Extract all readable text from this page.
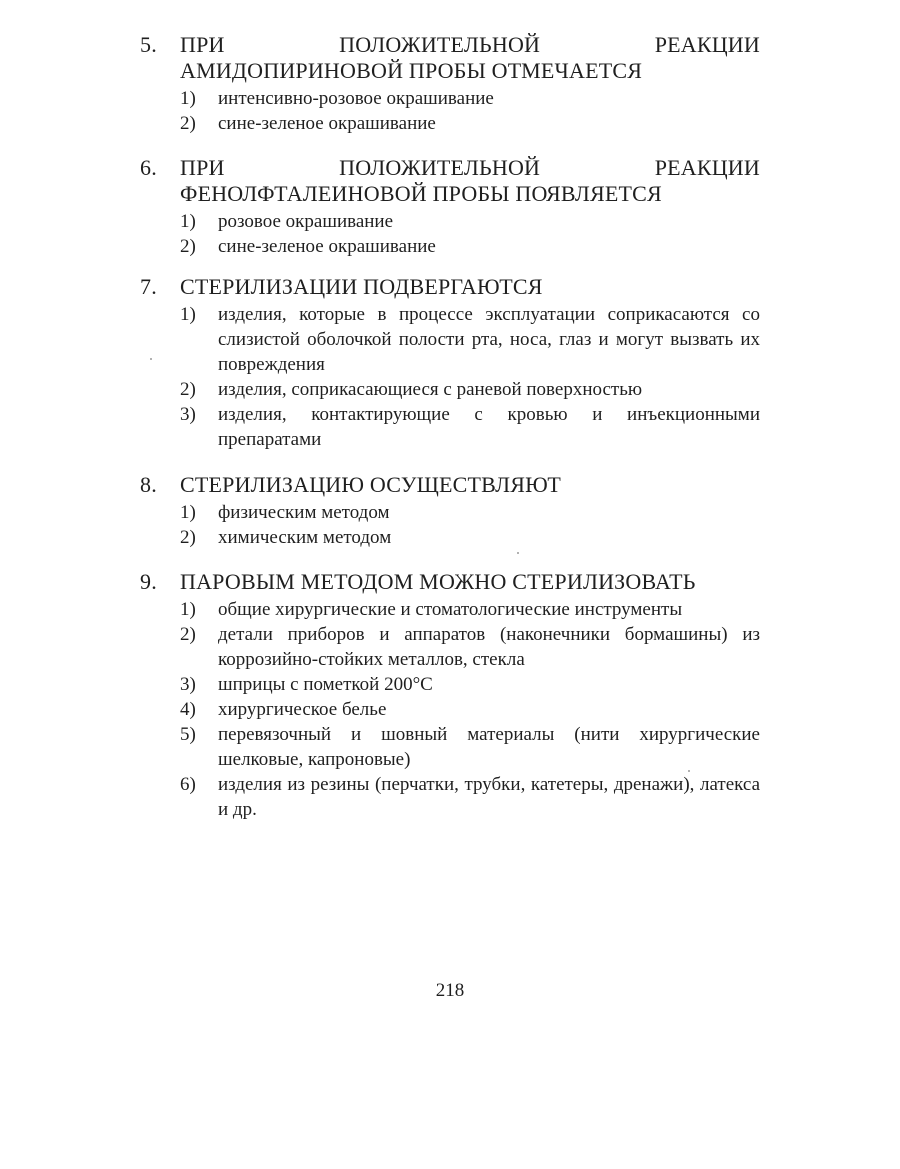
5.	ПРИ ПОЛОЖИТЕЛЬНОЙ РЕАКЦИИ АМИДОПИРИНОВОЙ ПРОБЫ ОТМЕЧАЕТСЯ
1)	интенсивно-розовое окрашивание
2)	сине-зеленое окрашивание
6.	ПРИ ПОЛОЖИТЕЛЬНОЙ РЕАКЦИИ ФЕНОЛФТАЛЕИНОВОЙ ПРОБЫ ПОЯВЛЯЕТСЯ
1)	розовое окрашивание
2)	сине-зеленое окрашивание
7.	СТЕРИЛИЗАЦИИ ПОДВЕРГАЮТСЯ
1)	изделия, которые в процессе эксплуатации соприкасаются со слизистой оболочкой полости рта, носа, глаз и могут вызвать их повреждения
2)	изделия, соприкасающиеся с раневой поверхностью
3)	изделия, контактирующие с кровью и инъекционными препаратами
8.	СТЕРИЛИЗАЦИЮ ОСУЩЕСТВЛЯЮТ
1)	физическим методом
2)	химическим методом
9.	ПАРОВЫМ МЕТОДОМ МОЖНО СТЕРИЛИЗОВАТЬ
1)	общие хирургические и стоматологические инструменты
2)	детали приборов и аппаратов (наконечники бормашины) из коррозийно-стойких металлов, стекла
3)	шприцы с пометкой 200°С
4)	хирургическое белье
5)	перевязочный и шовный материалы (нити хирургические шелковые, капроновые)
6)	изделия из резины (перчатки, трубки, катетеры, дренажи), латекса и др.
218
